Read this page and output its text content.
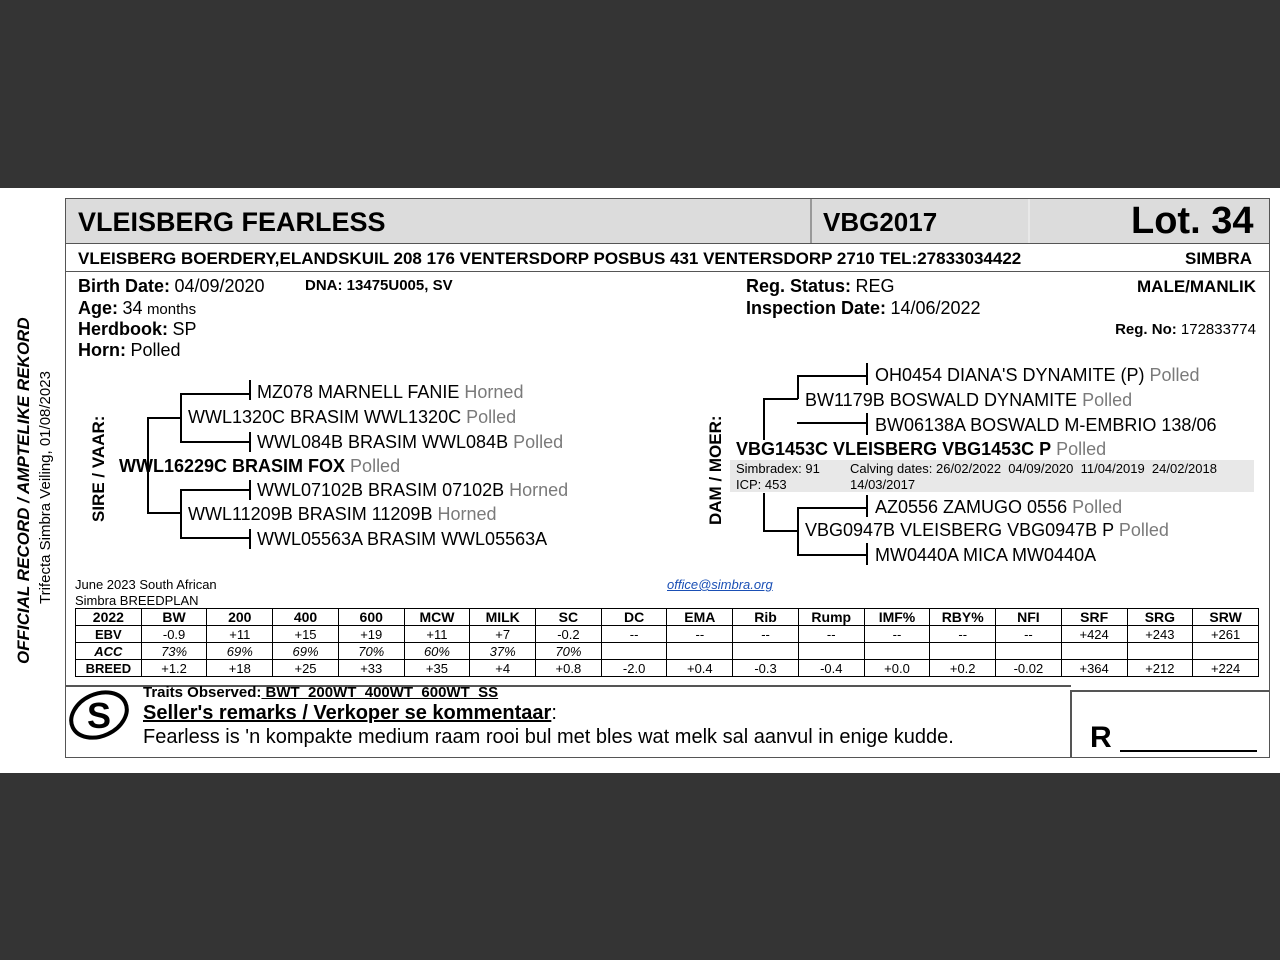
VLEISBERG FEARLESS	VBG2017	Lot. 34
VLEISBERG BOERDERY,ELANDSKUIL 208 176 VENTERSDORP POSBUS 431 VENTERSDORP 2710 TEL:27833034422	SIMBRA
Birth Date: 04/09/2020	DNA: 13475U005, SV
Age: 34 months
Herdbook: SP
Horn: Polled
Reg. Status: REG
Inspection Date: 14/06/2022
MALE/MANLIK
Reg. No: 172833774
OFFICIAL RECORD / AMPTELIKE REKORD Trifecta Simbra Veiling, 01/08/2023 SIRE / VAAR:
MZ078 MARNELL FANIE Horned
WWL1320C BRASIM WWL1320C Polled
WWL084B BRASIM WWL084B Polled
WWL16229C BRASIM FOX Polled
WWL07102B BRASIM 07102B Horned
WWL11209B BRASIM 11209B Horned
WWL05563A BRASIM WWL05563A
DAM / MOER:
OH0454 DIANA'S DYNAMITE (P) Polled
BW1179B BOSWALD DYNAMITE Polled
BW06138A BOSWALD M-EMBRIO 138/06
VBG1453C VLEISBERG VBG1453C P Polled
Simbradex: 91
ICP: 453
Calving dates: 26/02/2022  04/09/2020  11/04/2019  24/02/2018
14/03/2017
AZ0556 ZAMUGO 0556 Polled
VBG0947B VLEISBERG VBG0947B P Polled
MW0440A MICA MW0440A
June 2023 South African
Simbra BREEDPLAN
office@simbra.org
2022	BW	200	400	600	MCW	MILK	SC	DC	EMA	Rib	Rump	IMF%	RBY%	NFI	SRF	SRG	SRW
EBV	-0.9	+11	+15	+19	+11	+7	-0.2	--	--	--	--	--	--	--	+424	+243	+261
ACC	73%	69%	69%	70%	60%	37%	70%										
BREED	+1.2	+18	+25	+33	+35	+4	+0.8	-2.0	+0.4	-0.3	-0.4	+0.0	+0.2	-0.02	+364	+212	+224
S
Traits Observed: BWT  200WT  400WT  600WT  SS
Seller's remarks / Verkoper se kommentaar:
Fearless is 'n kompakte medium raam rooi bul met bles wat melk sal aanvul in enige kudde.	R
